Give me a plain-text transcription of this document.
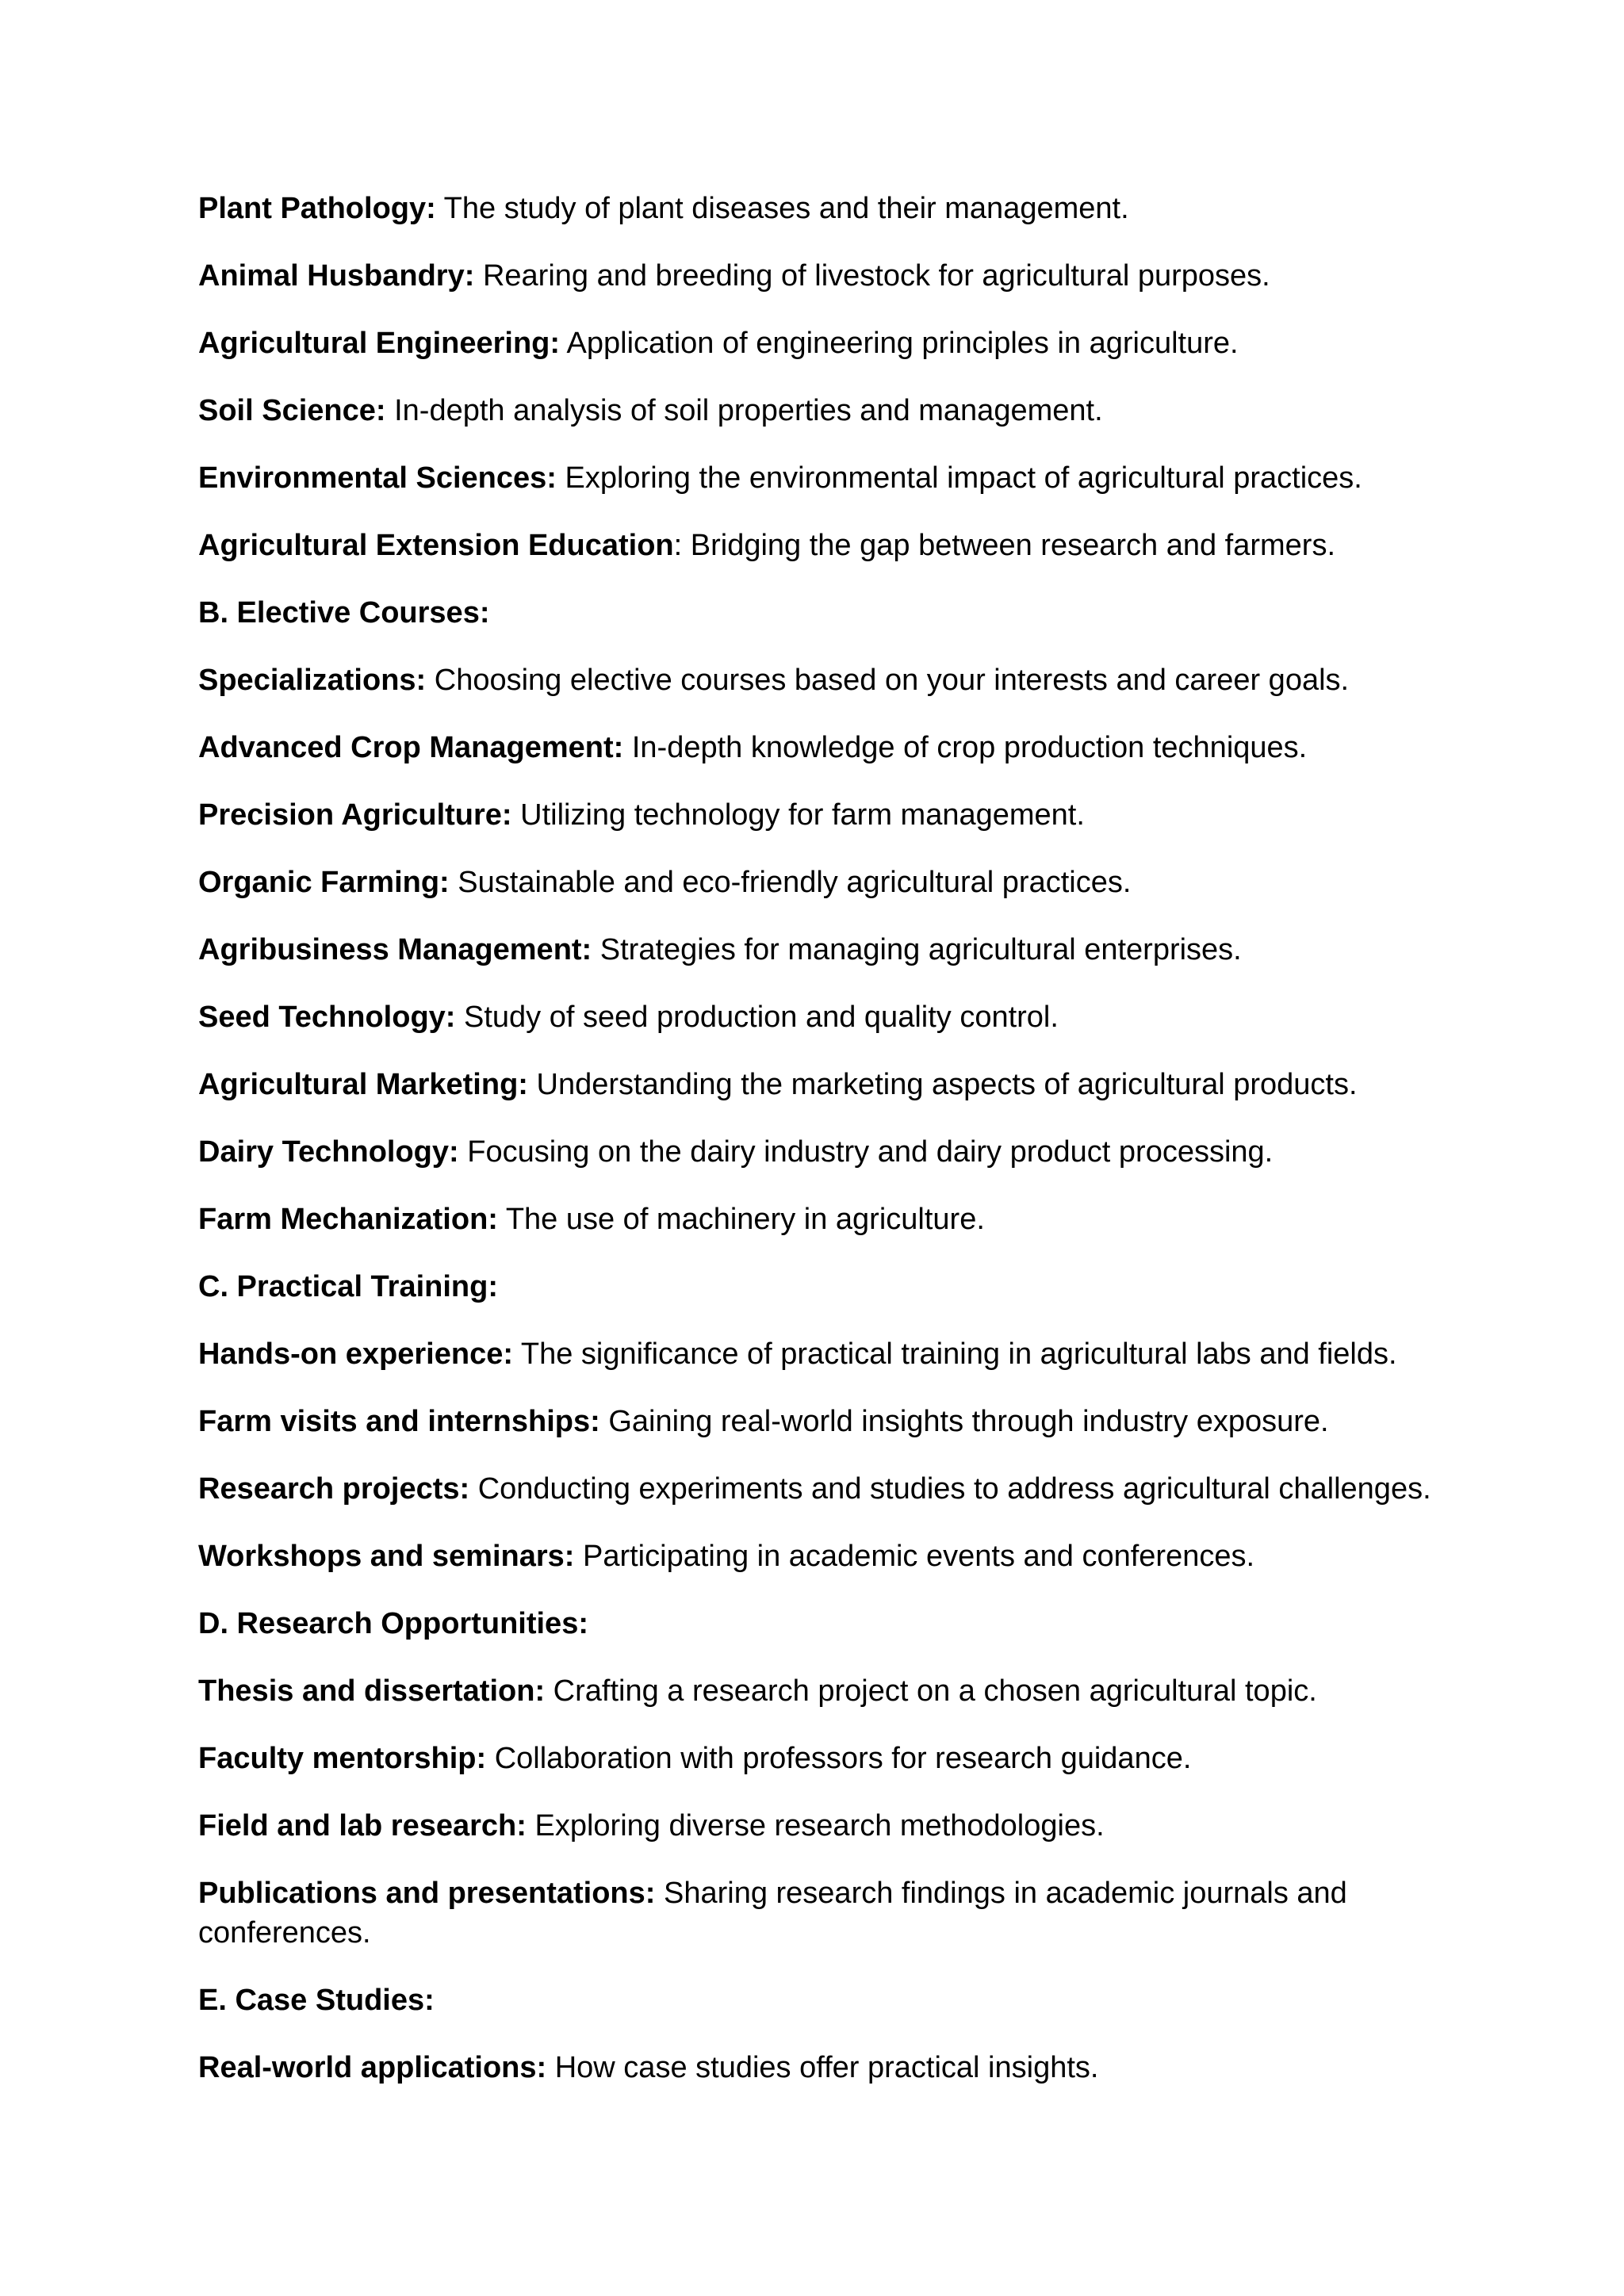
Plant Pathology: The study of plant diseases and their management.

Animal Husbandry: Rearing and breeding of livestock for agricultural purposes.

Agricultural Engineering: Application of engineering principles in agriculture.

Soil Science: In-depth analysis of soil properties and management.

Environmental Sciences: Exploring the environmental impact of agricultural practices.

Agricultural Extension Education: Bridging the gap between research and farmers.

B. Elective Courses:

Specializations: Choosing elective courses based on your interests and career goals.

Advanced Crop Management: In-depth knowledge of crop production techniques.

Precision Agriculture: Utilizing technology for farm management.

Organic Farming: Sustainable and eco-friendly agricultural practices.

Agribusiness Management: Strategies for managing agricultural enterprises.

Seed Technology: Study of seed production and quality control.

Agricultural Marketing: Understanding the marketing aspects of agricultural products.

Dairy Technology: Focusing on the dairy industry and dairy product processing.

Farm Mechanization: The use of machinery in agriculture.

C. Practical Training:

Hands-on experience: The significance of practical training in agricultural labs and fields.

Farm visits and internships: Gaining real-world insights through industry exposure.

Research projects: Conducting experiments and studies to address agricultural challenges.

Workshops and seminars: Participating in academic events and conferences.

D. Research Opportunities:

Thesis and dissertation: Crafting a research project on a chosen agricultural topic.

Faculty mentorship: Collaboration with professors for research guidance.

Field and lab research: Exploring diverse research methodologies.

Publications and presentations: Sharing research findings in academic journals and conferences.

E. Case Studies:

Real-world applications: How case studies offer practical insights.
